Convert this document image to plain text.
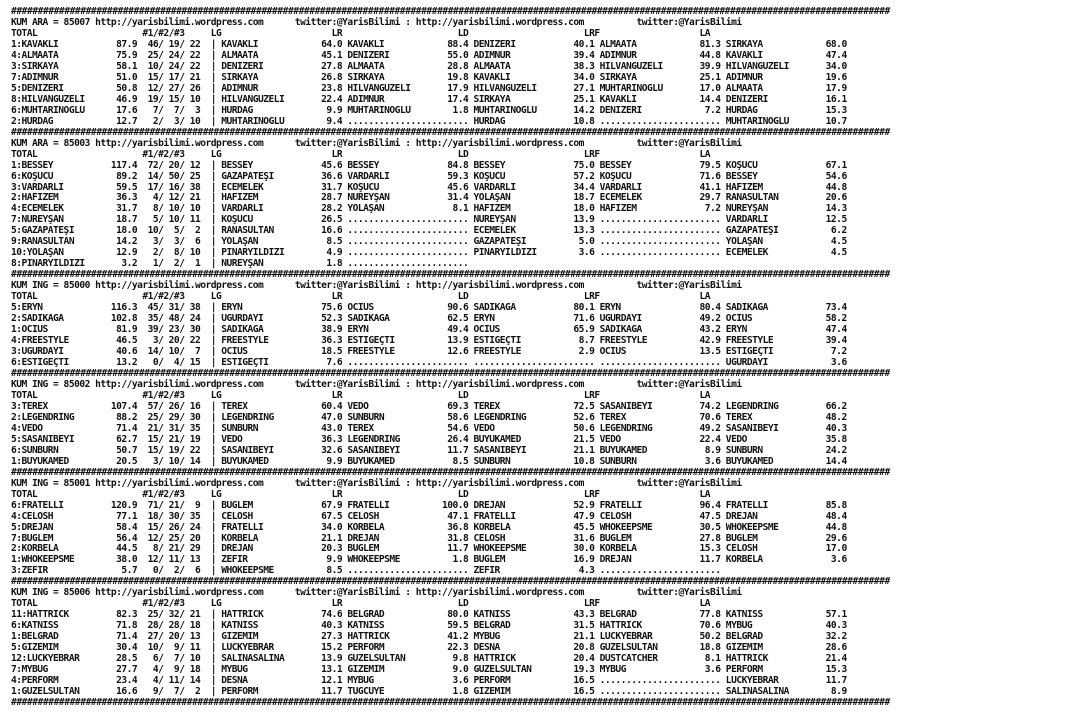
#####################################################################################################################################################################
KUM ARA = 85007 http://yarisbilimi.wordpress.com      twitter:@YarisBilimi : http://yarisbilimi.wordpress.com          twitter:@YarisBilimi
TOTAL                    #1/#2/#3     LG                     LR                      LD                      LRF                   LA
1:KAVAKLI           87.9  46/ 19/ 22  | KAVAKLI            64.0 KAVAKLI            88.4 DENİZERİ           40.1 ALMAATA            81.3 SIRKAYA            68.0
4:ALMAATA           75.9  25/ 24/ 22  | ALMAATA            45.1 DENİZERİ           55.0 ADIMNUR            39.4 ADIMNUR            44.8 KAVAKLI            47.4
3:SIRKAYA           58.1  10/ 24/ 22  | DENİZERİ           27.8 ALMAATA            28.8 ALMAATA            38.3 HİLVANGÜZELİ       39.9 HİLVANGÜZELİ       34.0
7:ADIMNUR           51.0  15/ 17/ 21  | SIRKAYA            26.8 SIRKAYA            19.8 KAVAKLI            34.0 SIRKAYA            25.1 ADIMNUR            19.6
5:DENİZERİ          50.8  12/ 27/ 26  | ADIMNUR            23.8 HİLVANGÜZELİ       17.9 HİLVANGÜZELİ       27.1 MUHTARINOĞLU       17.0 ALMAATA            17.9
8:HİLVANGÜZELİ      46.9  19/ 15/ 10  | HİLVANGÜZELİ       22.4 ADIMNUR            17.4 SIRKAYA            25.1 KAVAKLI            14.4 DENİZERİ           16.1
6:MUHTARINOĞLU      17.6   7/  7/  3  | HÜRDAĞ              9.9 MUHTARINOĞLU        1.8 MUHTARINOĞLU       14.2 DENİZERİ            7.2 HÜRDAĞ             15.3
2:HÜRDAĞ            12.7   2/  3/ 10  | MUHTARINOĞLU        9.4 ....................... HÜRDAĞ             10.8 ....................... MUHTARINOĞLU       10.7
#####################################################################################################################################################################
KUM ARA = 85003 http://yarisbilimi.wordpress.com      twitter:@YarisBilimi : http://yarisbilimi.wordpress.com          twitter:@YarisBilimi
TOTAL                    #1/#2/#3     LG                     LR                      LD                      LRF                   LA
1:BESSEY           117.4  72/ 20/ 12  | BESSEY             45.6 BESSEY             84.8 BESSEY             75.0 BESSEY             79.5 KOŞUCU             67.1
6:KOŞUCU            89.2  14/ 50/ 25  | GAZAPATEŞİ         36.6 VARDARLI           59.3 KOŞUCU             57.2 KOŞUCU             71.6 BESSEY             54.6
3:VARDARLI          59.5  17/ 16/ 38  | ECEMELEK           31.7 KOŞUCU             45.6 VARDARLI           34.4 VARDARLI           41.1 HAFİZEM            44.8
2:HAFİZEM           36.3   4/ 12/ 21  | HAFİZEM            28.7 NUREYŞAN           31.4 YOLAŞAN            18.7 ECEMELEK           29.7 RANASULTAN         20.6
4:ECEMELEK          31.7   8/ 10/ 10  | VARDARLI           28.2 YOLAŞAN             8.1 HAFİZEM            18.0 HAFİZEM             7.2 NUREYŞAN           14.3
7:NUREYŞAN          18.7   5/ 10/ 11  | KOŞUCU             26.5 ....................... NUREYŞAN           13.9 ....................... VARDARLI           12.5
5:GAZAPATEŞİ        18.0  10/  5/  2  | RANASULTAN         16.6 ....................... ECEMELEK           13.3 ....................... GAZAPATEŞİ          6.2
9:RANASULTAN        14.2   3/  3/  6  | YOLAŞAN             8.5 ....................... GAZAPATEŞİ          5.0 ....................... YOLAŞAN             4.5
10:YOLAŞAN          12.9   2/  8/ 10  | PINARYILDIZI        4.9 ....................... PINARYILDIZI        3.6 ....................... ECEMELEK            4.5
8:PINARYILDIZI       3.2   1/  2/  1  | NUREYŞAN            1.8 .......................
#####################################################################################################################################################################
KUM ING = 85000 http://yarisbilimi.wordpress.com      twitter:@YarisBilimi : http://yarisbilimi.wordpress.com          twitter:@YarisBilimi
TOTAL                    #1/#2/#3     LG                     LR                      LD                      LRF                   LA
5:ERYN             116.3  45/ 31/ 38  | ERYN               75.6 OCIUS              90.6 SADIKAĞA           80.1 ERYN               80.4 SADIKAĞA           73.4
2:SADIKAĞA         102.8  35/ 48/ 24  | UĞURDAYI           52.3 SADIKAĞA           62.5 ERYN               71.6 UĞURDAYI           49.2 OCIUS              58.2
1:OCIUS             81.9  39/ 23/ 30  | SADIKAĞA           38.9 ERYN               49.4 OCIUS              65.9 SADIKAĞA           43.2 ERYN               47.4
4:FREESTYLE         46.5   3/ 20/ 22  | FREESTYLE          36.3 ESTİGEÇTİ          13.9 ESTİGEÇTİ           8.7 FREESTYLE          42.9 FREESTYLE          39.4
3:UĞURDAYI          40.6  14/ 10/  7  | OCIUS              18.5 FREESTYLE          12.6 FREESTYLE           2.9 OCIUS              13.5 ESTİGEÇTİ           7.2
6:ESTİGEÇTİ         13.2   0/  4/ 15  | ESTİGEÇTİ           7.6 ....................... ....................... ....................... UĞURDAYI            3.6
#####################################################################################################################################################################
KUM ING = 85002 http://yarisbilimi.wordpress.com      twitter:@YarisBilimi : http://yarisbilimi.wordpress.com          twitter:@YarisBilimi
TOTAL                    #1/#2/#3     LG                     LR                      LD                      LRF                   LA
3:TEREX            107.4  57/ 26/ 16  | TEREX              60.4 VEDO               69.3 TEREX              72.5 SASANİBEYİ         74.2 LEGENDRING         66.2
2:LEGENDRING        88.2  25/ 29/ 30  | LEGENDRING         47.0 SUNBURN            58.6 LEGENDRING         52.6 TEREX              70.6 TEREX              48.2
4:VEDO              71.4  21/ 31/ 35  | SUNBURN            43.0 TEREX              54.6 VEDO               50.6 LEGENDRING         49.2 SASANİBEYİ         40.3
5:SASANİBEYİ        62.7  15/ 21/ 19  | VEDO               36.3 LEGENDRING         26.4 BÜYÜKAMED          21.5 VEDO               22.4 VEDO               35.8
6:SUNBURN           50.7  15/ 19/ 22  | SASANİBEYİ         32.6 SASANİBEYİ         11.7 SASANİBEYİ         21.1 BÜYÜKAMED           8.9 SUNBURN            24.2
1:BÜYÜKAMED         20.5   3/ 10/ 14  | BÜYÜKAMED           9.9 BÜYÜKAMED           8.5 SUNBURN            10.8 SUNBURN             3.6 BÜYÜKAMED          14.4
#####################################################################################################################################################################
KUM ING = 85001 http://yarisbilimi.wordpress.com      twitter:@YarisBilimi : http://yarisbilimi.wordpress.com          twitter:@YarisBilimi
TOTAL                    #1/#2/#3     LG                     LR                      LD                      LRF                   LA
6:FRATELLI         120.9  71/ 21/  9  | BUĞLEM             67.9 FRATELLI          100.0 DREJAN             52.9 FRATELLI           96.4 FRATELLI           85.8
4:CELOSH            77.1  18/ 30/ 35  | CELOSH             67.5 CELOSH             47.1 FRATELLI           47.9 CELOSH             47.5 DREJAN             48.4
5:DREJAN            58.4  15/ 26/ 24  | FRATELLI           34.0 KÖRBELA            36.8 KÖRBELA            45.5 WHOKEEPSME         30.5 WHOKEEPSME         44.8
7:BUĞLEM            56.4  12/ 25/ 20  | KÖRBELA            21.1 DREJAN             31.8 CELOSH             31.6 BUĞLEM             27.8 BUĞLEM             29.6
2:KÖRBELA           44.5   8/ 21/ 29  | DREJAN             20.3 BUĞLEM             11.7 WHOKEEPSME         30.0 KÖRBELA            15.3 CELOSH             17.0
1:WHOKEEPSME        38.0  12/ 11/ 13  | ZEFIR               9.9 WHOKEEPSME          1.8 BUĞLEM             16.9 DREJAN             11.7 KÖRBELA             3.6
3:ZEFIR              5.7   0/  2/  6  | WHOKEEPSME          8.5 ....................... ZEFIR               4.3 .......................
#####################################################################################################################################################################
KUM ING = 85006 http://yarisbilimi.wordpress.com      twitter:@YarisBilimi : http://yarisbilimi.wordpress.com          twitter:@YarisBilimi
TOTAL                    #1/#2/#3     LG                     LR                      LD                      LRF                   LA
11:HATTRICK         82.3  25/ 32/ 21  | HATTRICK           74.6 BELGRAD            80.0 KATNISS            43.3 BELGRAD            77.8 KATNISS            57.1
6:KATNISS           71.8  28/ 28/ 18  | KATNISS            40.3 KATNISS            59.5 BELGRAD            31.5 HATTRICK           70.6 MYBUG              40.3
1:BELGRAD           71.4  27/ 20/ 13  | GİZEMİM            27.3 HATTRICK           41.2 MYBUG              21.1 LUCKYEBRAR         50.2 BELGRAD            32.2
5:GİZEMİM           30.4  10/  9/ 11  | LUCKYEBRAR         15.2 PERFORM            22.3 DESNA              20.8 GÜZELSULTAN        18.8 GİZEMİM            28.6
12:LUCKYEBRAR       28.5   6/  7/ 10  | SALINASALINA       13.9 GÜZELSULTAN         9.8 HATTRICK           20.4 DUSTCATCHER         8.1 HATTRICK           21.4
7:MYBUG             27.7   4/  9/ 18  | MYBUG              13.1 GİZEMİM             9.0 GÜZELSULTAN        19.3 MYBUG               3.6 PERFORM            15.3
4:PERFORM           23.4   4/ 11/ 14  | DESNA              12.1 MYBUG               3.6 PERFORM            16.5 ....................... LUCKYEBRAR         11.7
1:GÜZELSULTAN       16.6   9/  7/  2  | PERFORM            11.7 TUĞCUYE             1.8 GİZEMİM            16.5 ....................... SALINASALINA        8.9
#####################################################################################################################################################################
